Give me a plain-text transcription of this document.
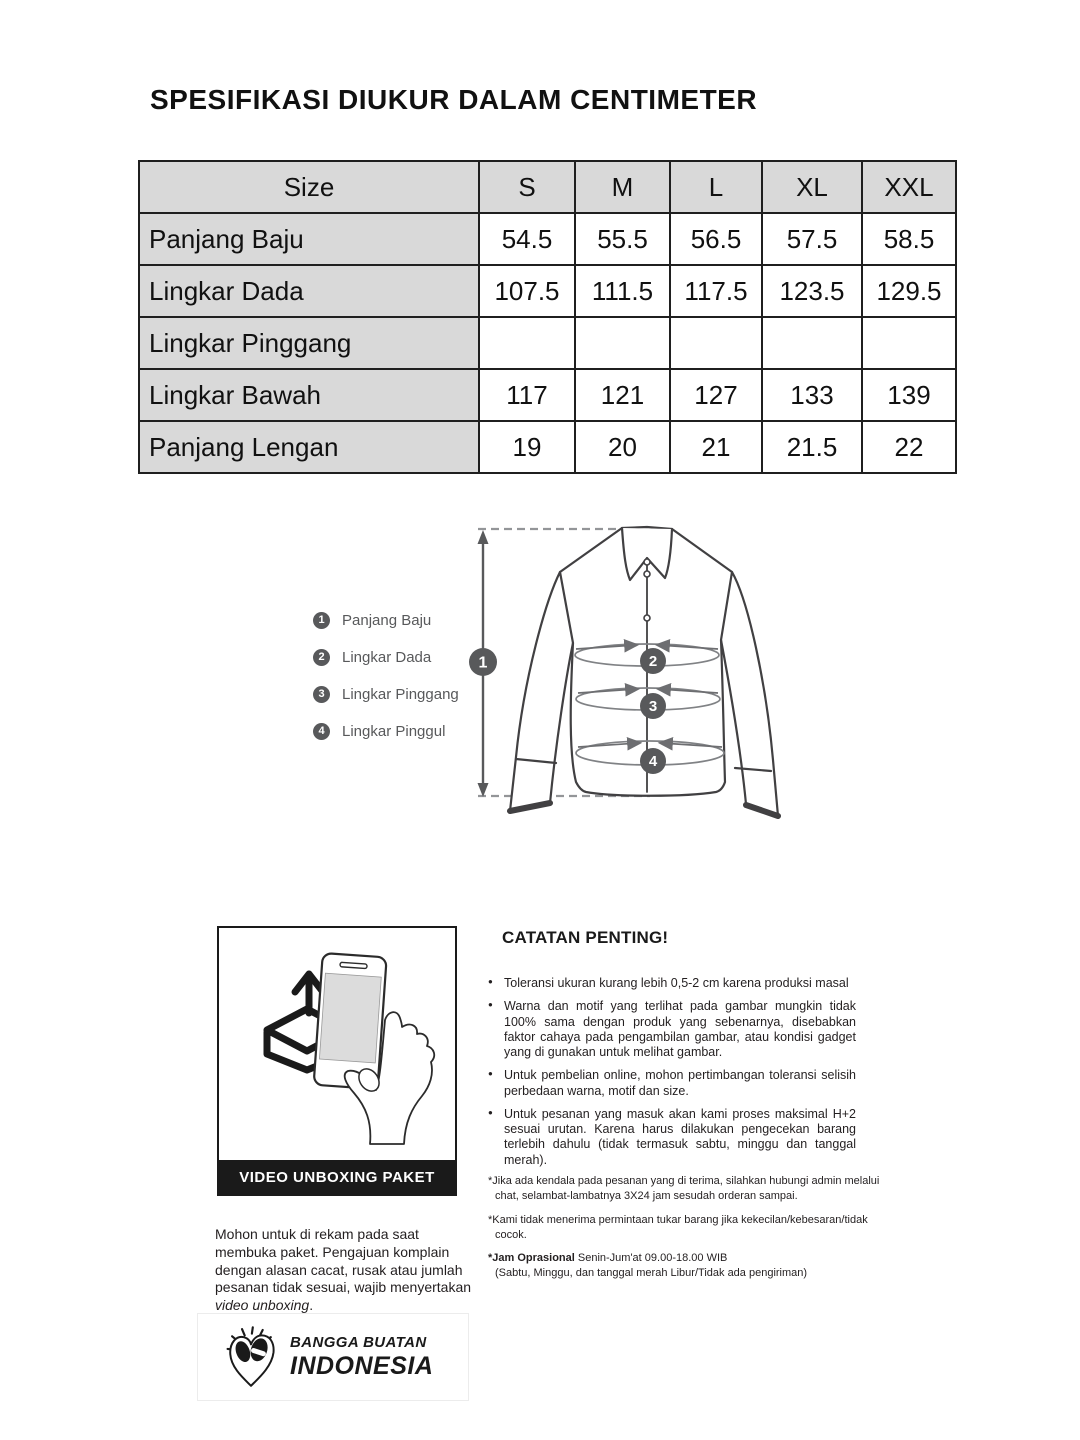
SPESIFIKASI DIUKUR DALAM CENTIMETER
Size	S	M	L	XL	XXL
Panjang Baju	54.5	55.5	56.5	57.5	58.5
Lingkar Dada	107.5	111.5	117.5	123.5	129.5
Lingkar Pinggang					
Lingkar Bawah	117	121	127	133	139
Panjang Lengan	19	20	21	21.5	22
1	Panjang Baju
2	Lingkar Dada
3	Lingkar Pinggang
4	Lingkar Pinggul
1	2
3
4
VIDEO UNBOXING PAKET

Mohon untuk di rekam pada saat membuka paket. Pengajuan komplain dengan alasan cacat, rusak atau jumlah pesanan tidak sesuai, wajib menyertakan video unboxing.

CATATAN PENTING!
● Toleransi ukuran kurang lebih 0,5-2 cm karena produksi masal
● Warna dan motif yang terlihat pada gambar mungkin tidak 100% sama dengan produk yang sebenarnya, disebabkan faktor cahaya pada pengambilan gambar, atau kondisi gadget yang di gunakan untuk melihat gambar.
● Untuk pembelian online, mohon pertimbangan toleransi selisih perbedaan warna, motif dan size.
● Untuk pesanan yang masuk akan kami proses maksimal H+2 sesuai urutan. Karena harus dilakukan pengecekan barang terlebih dahulu (tidak termasuk sabtu, minggu dan tanggal merah).

*Jika ada kendala pada pesanan yang di terima, silahkan hubungi admin melalui chat, selambat-lambatnya 3X24 jam sesudah orderan sampai.

*Kami tidak menerima permintaan tukar barang jika kekecilan/kebesaran/tidak cocok.

*Jam Oprasional Senin-Jum'at 09.00-18.00 WIB
(Sabtu, Minggu, dan tanggal merah Libur/Tidak ada pengiriman)

BANGGA BUATAN
INDONESIA
